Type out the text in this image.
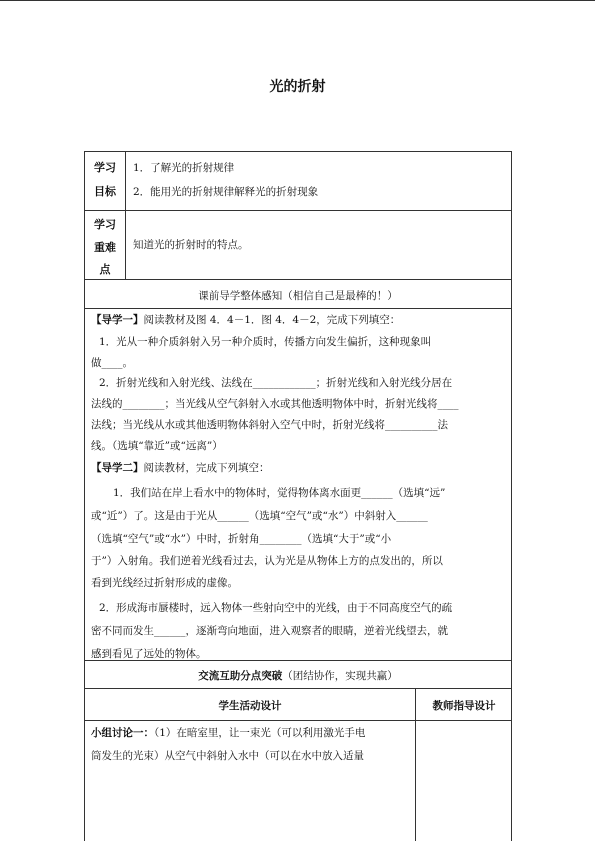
光的折射
学习
目标
1．了解光的折射规律
2．能用光的折射规律解释光的折射现象
学习
重难
点
知道光的折射时的特点。
课前导学整体感知（相信自己是最棒的！）
【导学一】阅读教材及图 4．4－1．图 4．4－2，完成下列填空：
1．光从一种介质斜射入另一种介质时，传播方向发生偏折，这种现象叫
做____。
2．折射光线和入射光线、法线在____________；折射光线和入射光线分居在
法线的________；当光线从空气斜射入水或其他透明物体中时，折射光线将____
法线；当光线从水或其他透明物体斜射入空气中时，折射光线将__________法
线。（选填“靠近”或“远离”）
【导学二】阅读教材，完成下列填空：
1．我们站在岸上看水中的物体时，觉得物体离水面更______（选填“远”
或“近”）了。这是由于光从______（选填“空气”或“水”）中斜射入______
（选填“空气”或“水”）中时，折射角________（选填“大于”或“小
于”）入射角。我们逆着光线看过去，认为光是从物体上方的点发出的，所以
看到光线经过折射形成的虚像。
2．形成海市蜃楼时，远入物体一些射向空中的光线，由于不同高度空气的疏
密不同而发生______，逐渐弯向地面，进入观察者的眼睛，逆着光线望去，就
感到看见了远处的物体。
交流互助分点突破（团结协作，实现共赢）
学生活动设计	教师指导设计
小组讨论一：（1）在暗室里，让一束光（可以利用激光手电
筒发生的光束）从空气中斜射入水中（可以在水中放入适量
